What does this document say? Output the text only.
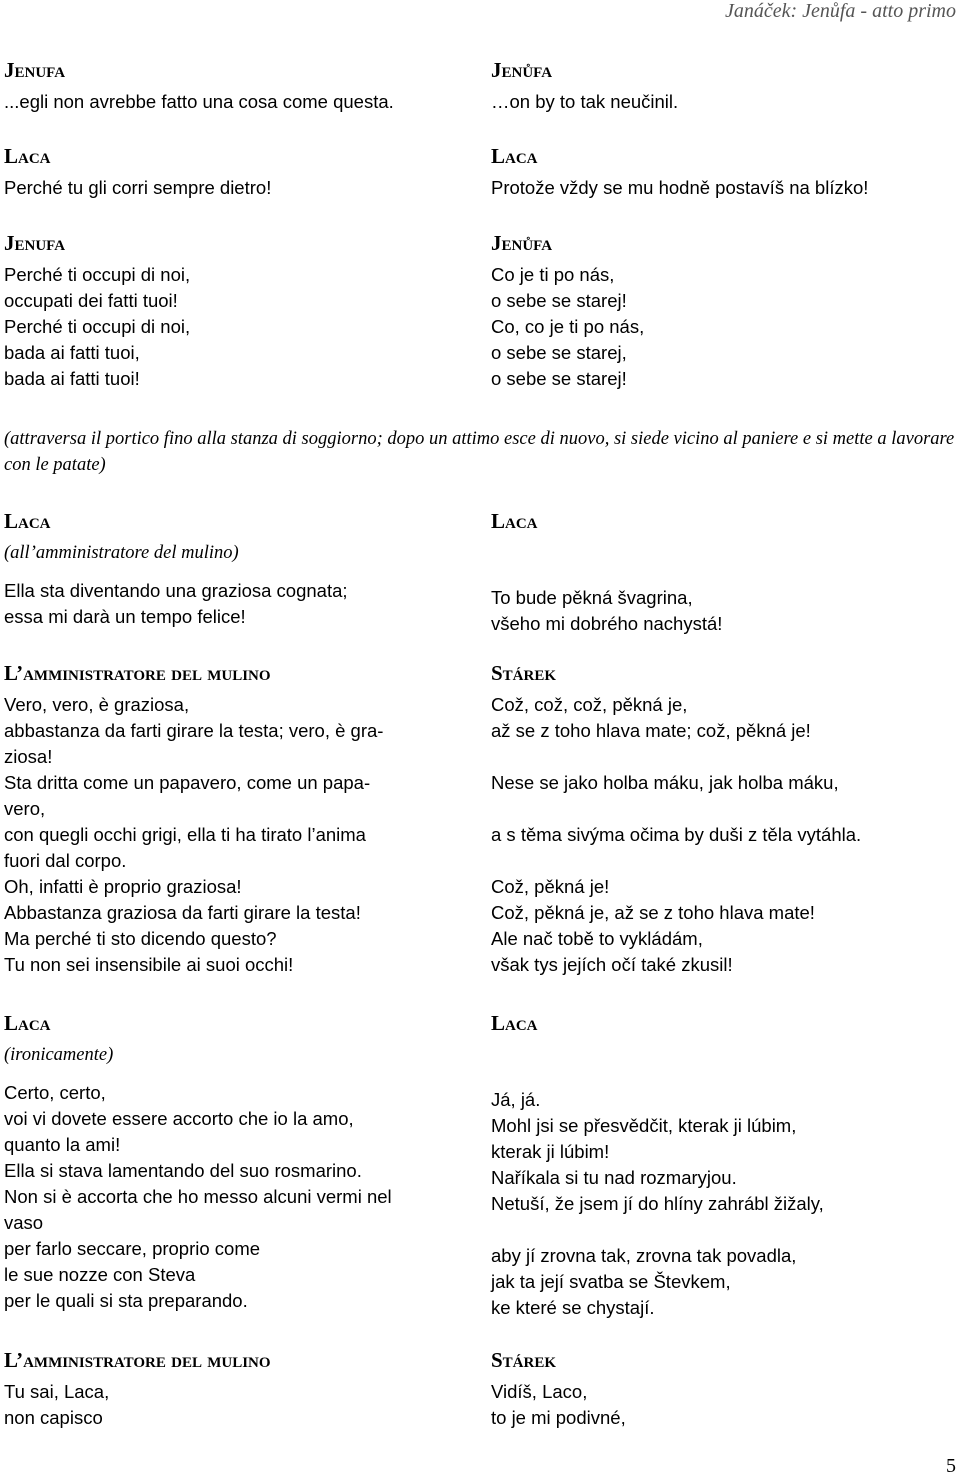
Janáček: Jenůfa - atto primo
Jenufa
...egli non avrebbe fatto una cosa come questa.
Laca
Perché tu gli corri sempre dietro!
Jenufa
Perché ti occupi di noi,
occupati dei fatti tuoi!
Perché ti occupi di noi,
bada ai fatti tuoi,
bada ai fatti tuoi!
Jenůfa
…on by to tak neučinil.
Laca
Protože vždy se mu hodně postavíš na blízko!
Jenůfa
Co je ti po nás,
o sebe se starej!
Co, co je ti po nás,
o sebe se starej,
o sebe se starej!
(attraversa il portico fino alla stanza di soggiorno; dopo un attimo esce di nuovo, si siede vicino al paniere e si mette a lavorare con le patate)
Laca
(all’amministratore del mulino)
Ella sta diventando una graziosa cognata;
essa mi darà un tempo felice!
L’amministratore del mulino
Vero, vero, è graziosa,
abbastanza da farti girare la testa; vero, è gra-
ziosa!
Sta dritta come un papavero, come un papa-
vero,
con quegli occhi grigi, ella ti ha tirato l’anima
fuori dal corpo.
Oh, infatti è proprio graziosa!
Abbastanza graziosa da farti girare la testa!
Ma perché ti sto dicendo questo?
Tu non sei insensibile ai suoi occhi!
Laca
(ironicamente)
Certo, certo,
voi vi dovete essere accorto che io la amo,
quanto la ami!
Ella si stava lamentando del suo rosmarino.
Non si è accorta che ho messo alcuni vermi nel
vaso
per farlo seccare, proprio come
le sue nozze con Steva
per le quali si sta preparando.
L’amministratore del mulino
Tu sai, Laca,
non capisco
Laca
To bude pěkná švagrina,
všeho mi dobrého nachystá!
Stárek
Což, což, což, pěkná je,
až se z toho hlava mate; což, pěkná je!
Nese se jako holba máku, jak holba máku,
a s těma sivýma očima by duši z těla vytáhla.
Což, pěkná je!
Což, pěkná je, až se z toho hlava mate!
Ale nač tobě to vykládám,
však tys jejích očí také zkusil!
Laca
Já, já.
Mohl jsi se přesvědčit, kterak ji lúbim,
kterak ji lúbim!
Naříkala si tu nad rozmaryjou.
Netuší, že jsem jí do hlíny zahrábl žižaly,
aby jí zrovna tak, zrovna tak povadla,
jak ta její svatba se Števkem,
ke které se chystají.
Stárek
Vidíš, Laco,
to je mi podivné,
5
